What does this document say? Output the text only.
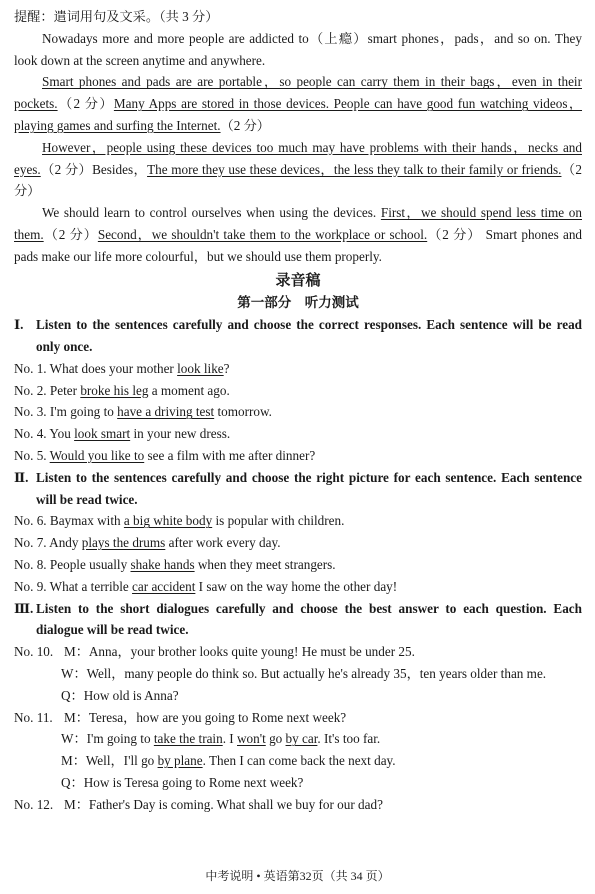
提醒：遣词用句及文采。（共 3 分）

Nowadays more and more people are addicted to（上瘾）smart phones，pads，and so on. They look down at the screen anytime and anywhere.

Smart phones and pads are are portable，so people can carry them in their bags，even in their pockets.（2 分）Many Apps are stored in those devices. People can have good fun watching videos，playing games and surfing the Internet.（2 分）

However，people using these devices too much may have problems with their hands，necks and eyes.（2 分）Besides，The more they use these devices，the less they talk to their family or friends.（2 分）

We should learn to control ourselves when using the devices. First，we should spend less time on them.（2 分）Second，we shouldn't take them to the workplace or school.（2 分） Smart phones and pads make our life more colourful，but we should use them properly.

录音稿
第一部分　听力测试

Ⅰ. Listen to the sentences carefully and choose the correct responses. Each sentence will be read only once.

No. 1. What does your mother look like?

No. 2. Peter broke his leg a moment ago.

No. 3. I'm going to have a driving test tomorrow.

No. 4. You look smart in your new dress.

No. 5. Would you like to see a film with me after dinner?

Ⅱ. Listen to the sentences carefully and choose the right picture for each sentence. Each sentence will be read twice.

No. 6. Baymax with a big white body is popular with children.

No. 7. Andy plays the drums after work every day.

No. 8. People usually shake hands when they meet strangers.

No. 9. What a terrible car accident I saw on the way home the other day!

Ⅲ. Listen to the short dialogues carefully and choose the best answer to each question. Each dialogue will be read twice.

No. 10. M：Anna，your brother looks quite young! He must be under 25.

W：Well，many people do think so. But actually he's already 35，ten years older than me.

Q：How old is Anna?

No. 11. M：Teresa，how are you going to Rome next week?

W：I'm going to take the train. I won't go by car. It's too far.

M：Well，I'll go by plane. Then I can come back the next day.

Q：How is Teresa going to Rome next week?

No. 12. M：Father's Day is coming. What shall we buy for our dad?

中考说明 • 英语第32页（共 34 页）
